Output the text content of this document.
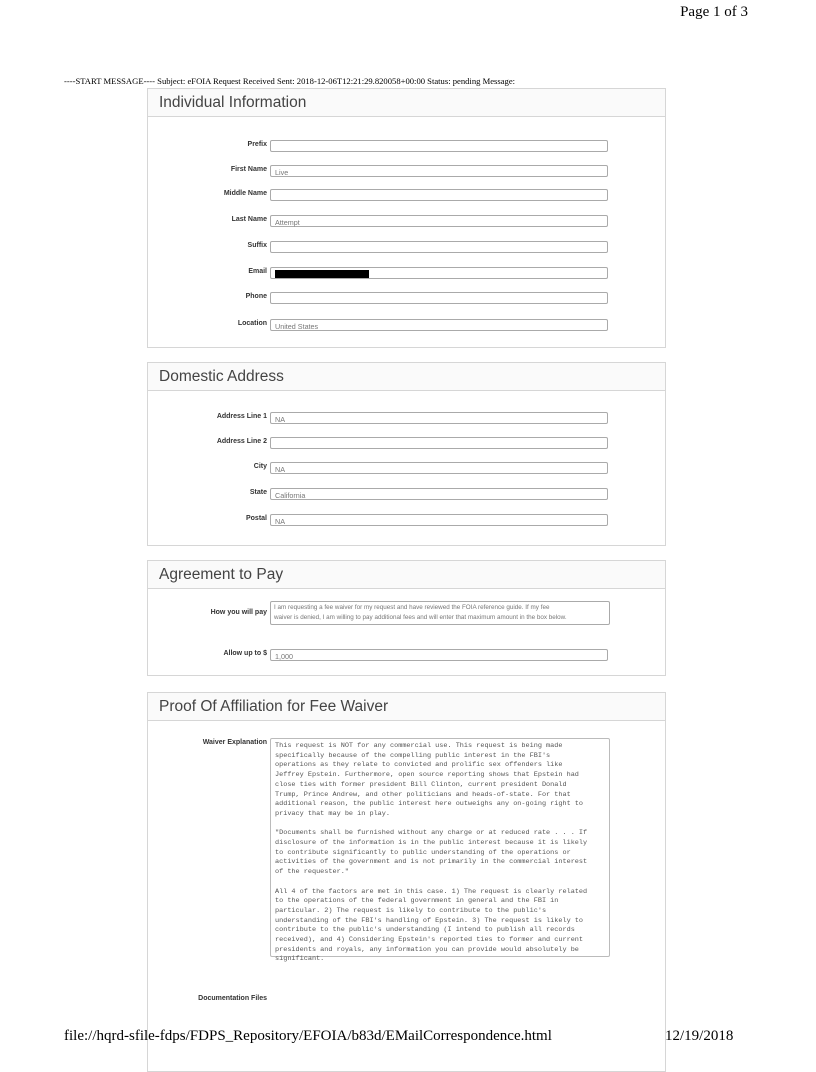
Page 1 of 3
----START MESSAGE---- Subject: eFOIA Request Received Sent: 2018-12-06T12:21:29.820058+00:00 Status: pending Message:
Individual Information
Prefix
First Name	Live
Middle Name
Last Name	Attempt
Suffix
Email
Phone
Location	United States
Domestic Address
Address Line 1	NA
Address Line 2
City	NA
State	California
Postal	NA
Agreement to Pay
How you will pay
I am requesting a fee waiver for my request and have reviewed the FOIA reference guide. If my fee
waiver is denied, I am willing to pay additional fees and will enter that maximum amount in the box below.
Allow up to $	1,000
Proof Of Affiliation for Fee Waiver
Waiver Explanation This request is NOT for any commercial use. This request is being made
specifically because of the compelling public interest in the FBI's
operations as they relate to convicted and prolific sex offenders like
Jeffrey Epstein. Furthermore, open source reporting shows that Epstein had
close ties with former president Bill Clinton, current president Donald
Trump, Prince Andrew, and other politicians and heads-of-state. For that
additional reason, the public interest here outweighs any on-going right to
privacy that may be in play.
"Documents shall be furnished without any charge or at reduced rate . . . If
disclosure of the information is in the public interest because it is likely
to contribute significantly to public understanding of the operations or
activities of the government and is not primarily in the commercial interest
of the requester."
All 4 of the factors are met in this case. 1) The request is clearly related
to the operations of the federal government in general and the FBI in
particular. 2) The request is likely to contribute to the public's
understanding of the FBI's handling of Epstein. 3) The request is likely to
contribute to the public's understanding (I intend to publish all records
received), and 4) Considering Epstein's reported ties to former and current
presidents and royals, any information you can provide would absolutely be
significant.
Documentation Files
file://hqrd-sfile-fdps/FDPS_Repository/EFOIA/b83d/EMailCorrespondence.html	12/19/2018
